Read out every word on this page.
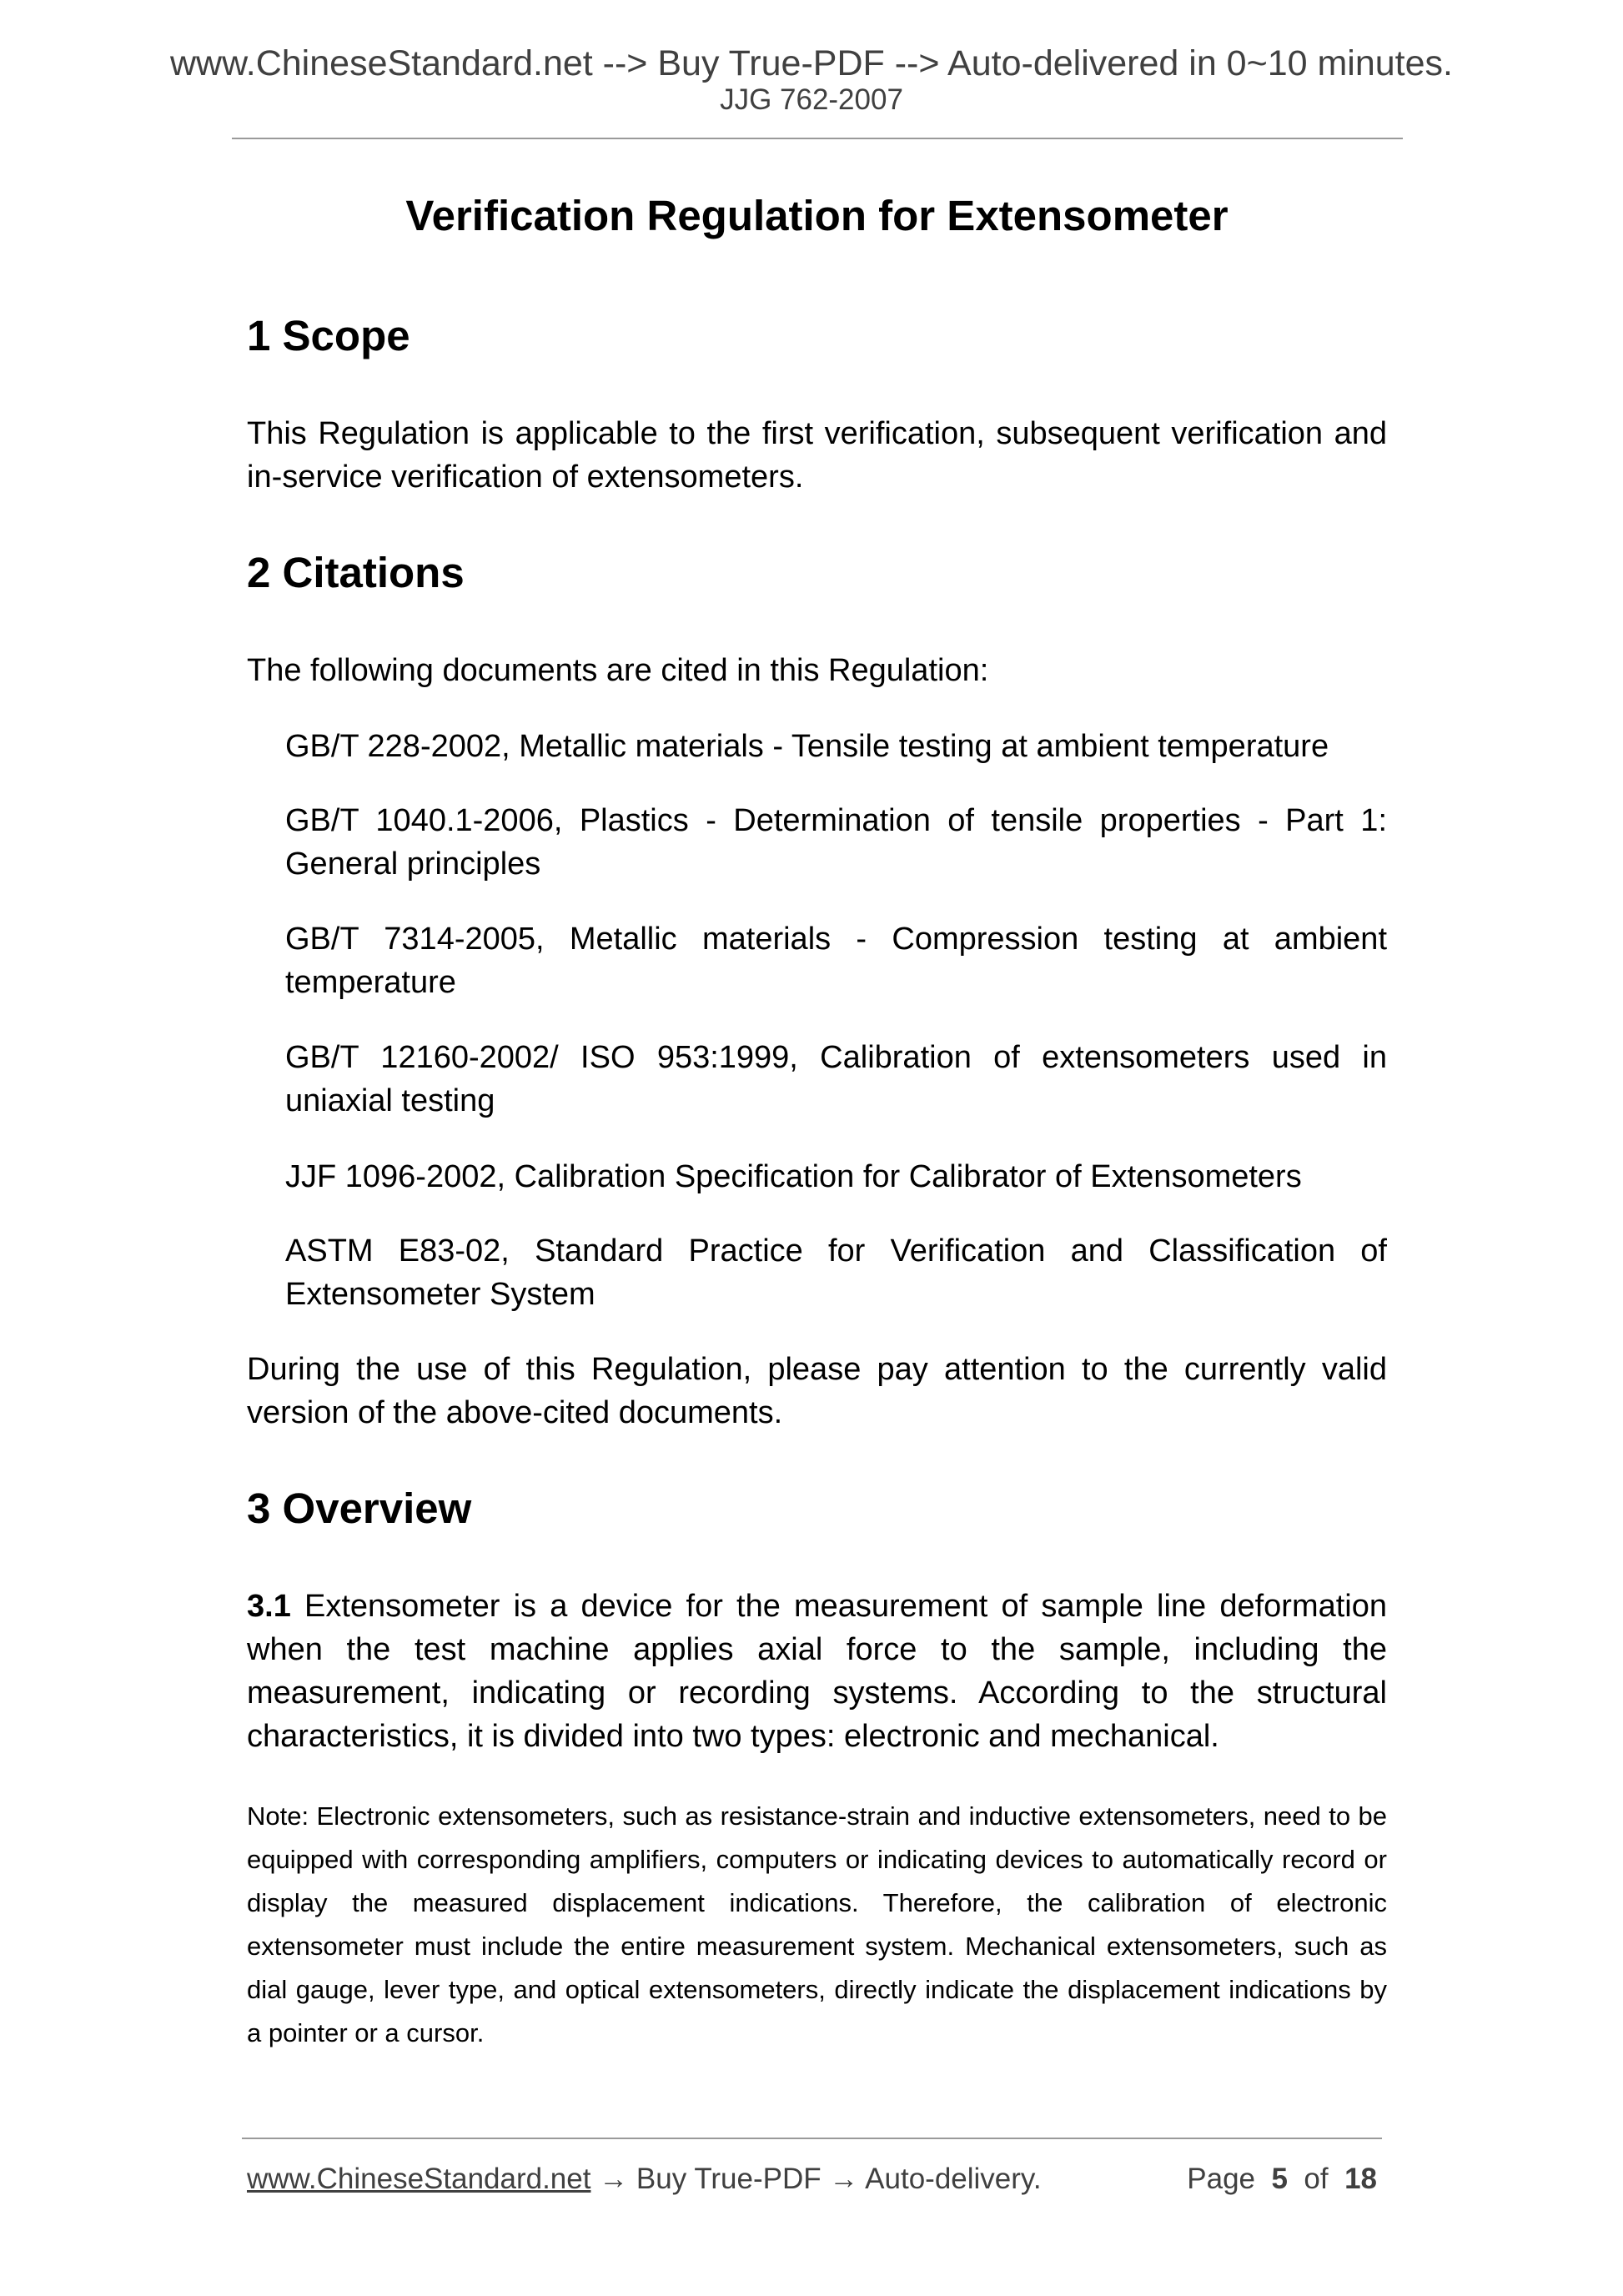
www.ChineseStandard.net --> Buy True-PDF --> Auto-delivered in 0~10 minutes.
JJG 762-2007
Verification Regulation for Extensometer
1 Scope

This Regulation is applicable to the first verification, subsequent verification and in-service verification of extensometers.

2 Citations

The following documents are cited in this Regulation:

GB/T 228-2002, Metallic materials - Tensile testing at ambient temperature

GB/T 1040.1-2006, Plastics - Determination of tensile properties - Part 1: General principles

GB/T 7314-2005, Metallic materials - Compression testing at ambient temperature

GB/T 12160-2002/ ISO 953:1999, Calibration of extensometers used in uniaxial testing

JJF 1096-2002, Calibration Specification for Calibrator of Extensometers

ASTM E83-02, Standard Practice for Verification and Classification of Extensometer System

During the use of this Regulation, please pay attention to the currently valid version of the above-cited documents.

3 Overview

3.1 Extensometer is a device for the measurement of sample line deformation when the test machine applies axial force to the sample, including the measurement, indicating or recording systems. According to the structural characteristics, it is divided into two types: electronic and mechanical.

Note: Electronic extensometers, such as resistance-strain and inductive extensometers, need to be equipped with corresponding amplifiers, computers or indicating devices to automatically record or display the measured displacement indications. Therefore, the calibration of electronic extensometer must include the entire measurement system. Mechanical extensometers, such as dial gauge, lever type, and optical extensometers, directly indicate the displacement indications by a pointer or a cursor.

www.ChineseStandard.net → Buy True-PDF → Auto-delivery.	Page 5 of 18
